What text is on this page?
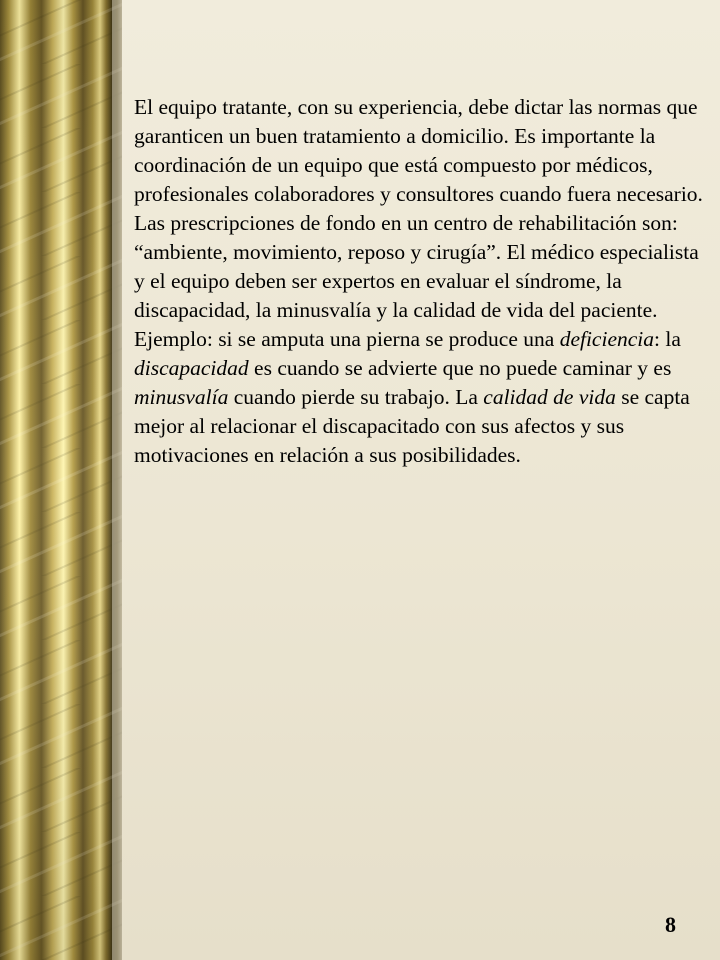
El equipo tratante, con su experiencia, debe dictar las normas que garanticen un buen tratamiento a domicilio. Es importante la coordinación de un equipo que está compuesto por médicos, profesionales colaboradores y consultores cuando fuera necesario. Las prescripciones de fondo en un centro de rehabilitación son: “ambiente, movimiento, reposo y cirugía”. El médico especialista y el equipo deben ser expertos en evaluar el síndrome, la discapacidad, la minusvalía y la calidad de vida del paciente. Ejemplo: si se amputa una pierna se produce una deficiencia: la discapacidad es cuando se advierte que no puede caminar y es minusvalía cuando pierde su trabajo. La calidad de vida se capta mejor al relacionar el discapacitado con sus afectos y sus motivaciones en relación a sus posibilidades.

8
